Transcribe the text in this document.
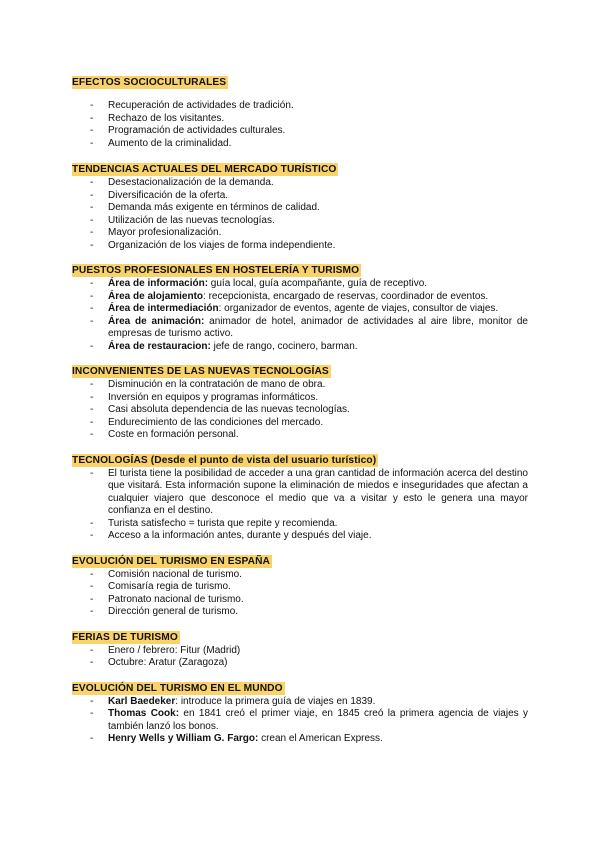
EFECTOS SOCIOCULTURALES
- Recuperación de actividades de tradición.
- Rechazo de los visitantes.
- Programación de actividades culturales.
- Aumento de la criminalidad.
TENDENCIAS ACTUALES DEL MERCADO TURÍSTICO
- Desestacionalización de la demanda.
- Diversificación de la oferta.
- Demanda más exigente en términos de calidad.
- Utilización de las nuevas tecnologías.
- Mayor profesionalización.
- Organización de los viajes de forma independiente.
PUESTOS PROFESIONALES EN HOSTELERÍA Y TURISMO
- Área de información: guía local, guía acompañante, guía de receptivo.
- Área de alojamiento: recepcionista, encargado de reservas, coordinador de eventos.
- Área de intermediación: organizador de eventos, agente de viajes, consultor de viajes.
- Área de animación: animador de hotel, animador de actividades al aire libre, monitor de empresas de turismo activo.
- Área de restauracion: jefe de rango, cocinero, barman.
INCONVENIENTES DE LAS NUEVAS TECNOLOGÍAS
- Disminución en la contratación de mano de obra.
- Inversión en equipos y programas informáticos.
- Casi absoluta dependencia de las nuevas tecnologías.
- Endurecimiento de las condiciones del mercado.
- Coste en formación personal.
TECNOLOGÍAS (Desde el punto de vista del usuario turístico)
- El turista tiene la posibilidad de acceder a una gran cantidad de información acerca del destino que visitará. Esta información supone la eliminación de miedos e inseguridades que afectan a cualquier viajero que desconoce el medio que va a visitar y esto le genera una mayor confianza en el destino.
- Turista satisfecho = turista que repite y recomienda.
- Acceso a la información antes, durante y después del viaje.
EVOLUCIÓN DEL TURISMO EN ESPAÑA
- Comisión nacional de turismo.
- Comisaría regia de turismo.
- Patronato nacional de turismo.
- Dirección general de turismo.
FERIAS DE TURISMO
- Enero / febrero: Fitur (Madrid)
- Octubre: Aratur (Zaragoza)
EVOLUCIÓN DEL TURISMO EN EL MUNDO
- Karl Baedeker: introduce la primera guía de viajes en 1839.
- Thomas Cook: en 1841 creó el primer viaje, en 1845 creó la primera agencia de viajes y también lanzó los bonos.
- Henry Wells y William G. Fargo: crean el American Express.
